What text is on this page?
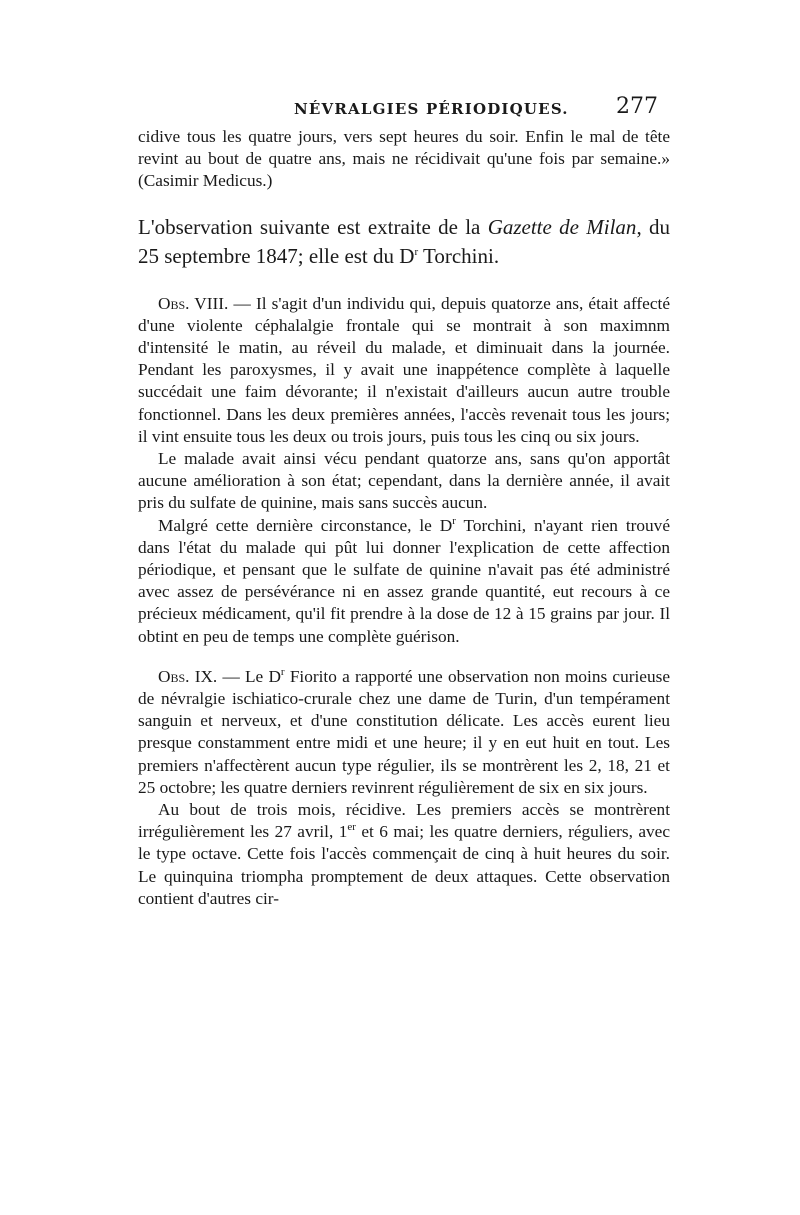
NÉVRALGIES PÉRIODIQUES. 277

cidive tous les quatre jours, vers sept heures du soir. Enfin le mal de tête revint au bout de quatre ans, mais ne récidivait qu'une fois par semaine.» (Casimir Medicus.)

L'observation suivante est extraite de la Gazette de Milan, du 25 septembre 1847; elle est du $D^r$ Torchini.

Obs. VIII. — Il s'agit d'un individu qui, depuis quatorze ans, était affecté d'une violente céphalalgie frontale qui se montrait à son maximnm d'intensité le matin, au réveil du malade, et diminuait dans la journée. Pendant les paroxysmes, il y avait une inappétence complète à laquelle succédait une faim dévorante; il n'existait d'ailleurs aucun autre trouble fonctionnel. Dans les deux premières années, l'accès revenait tous les jours; il vint ensuite tous les deux ou trois jours, puis tous les cinq ou six jours.

Le malade avait ainsi vécu pendant quatorze ans, sans qu'on apportât aucune amélioration à son état; cependant, dans la dernière année, il avait pris du sulfate de quinine, mais sans succès aucun.

Malgré cette dernière circonstance, le $D^r$ Torchini, n'ayant rien trouvé dans l'état du malade qui pût lui donner l'explication de cette affection périodique, et pensant que le sulfate de quinine n'avait pas été administré avec assez de persévérance ni en assez grande quantité, eut recours à ce précieux médicament, qu'il fit prendre à la dose de 12 à 15 grains par jour. Il obtint en peu de temps une complète guérison.

Obs. IX. — Le $D^r$ Fiorito a rapporté une observation non moins curieuse de névralgie ischiatico-crurale chez une dame de Turin, d'un tempérament sanguin et nerveux, et d'une constitution délicate. Les accès eurent lieu presque constamment entre midi et une heure; il y en eut huit en tout. Les premiers n'affectèrent aucun type régulier, ils se montrèrent les 2, 18, 21 et 25 octobre; les quatre derniers revinrent régulièrement de six en six jours.

Au bout de trois mois, récidive. Les premiers accès se montrèrent irrégulièrement les 27 avril, 1er et 6 mai; les quatre derniers, réguliers, avec le type octave. Cette fois l'accès commençait de cinq à huit heures du soir. Le quinquina triompha promptement de deux attaques. Cette observation contient d'autres cir-
